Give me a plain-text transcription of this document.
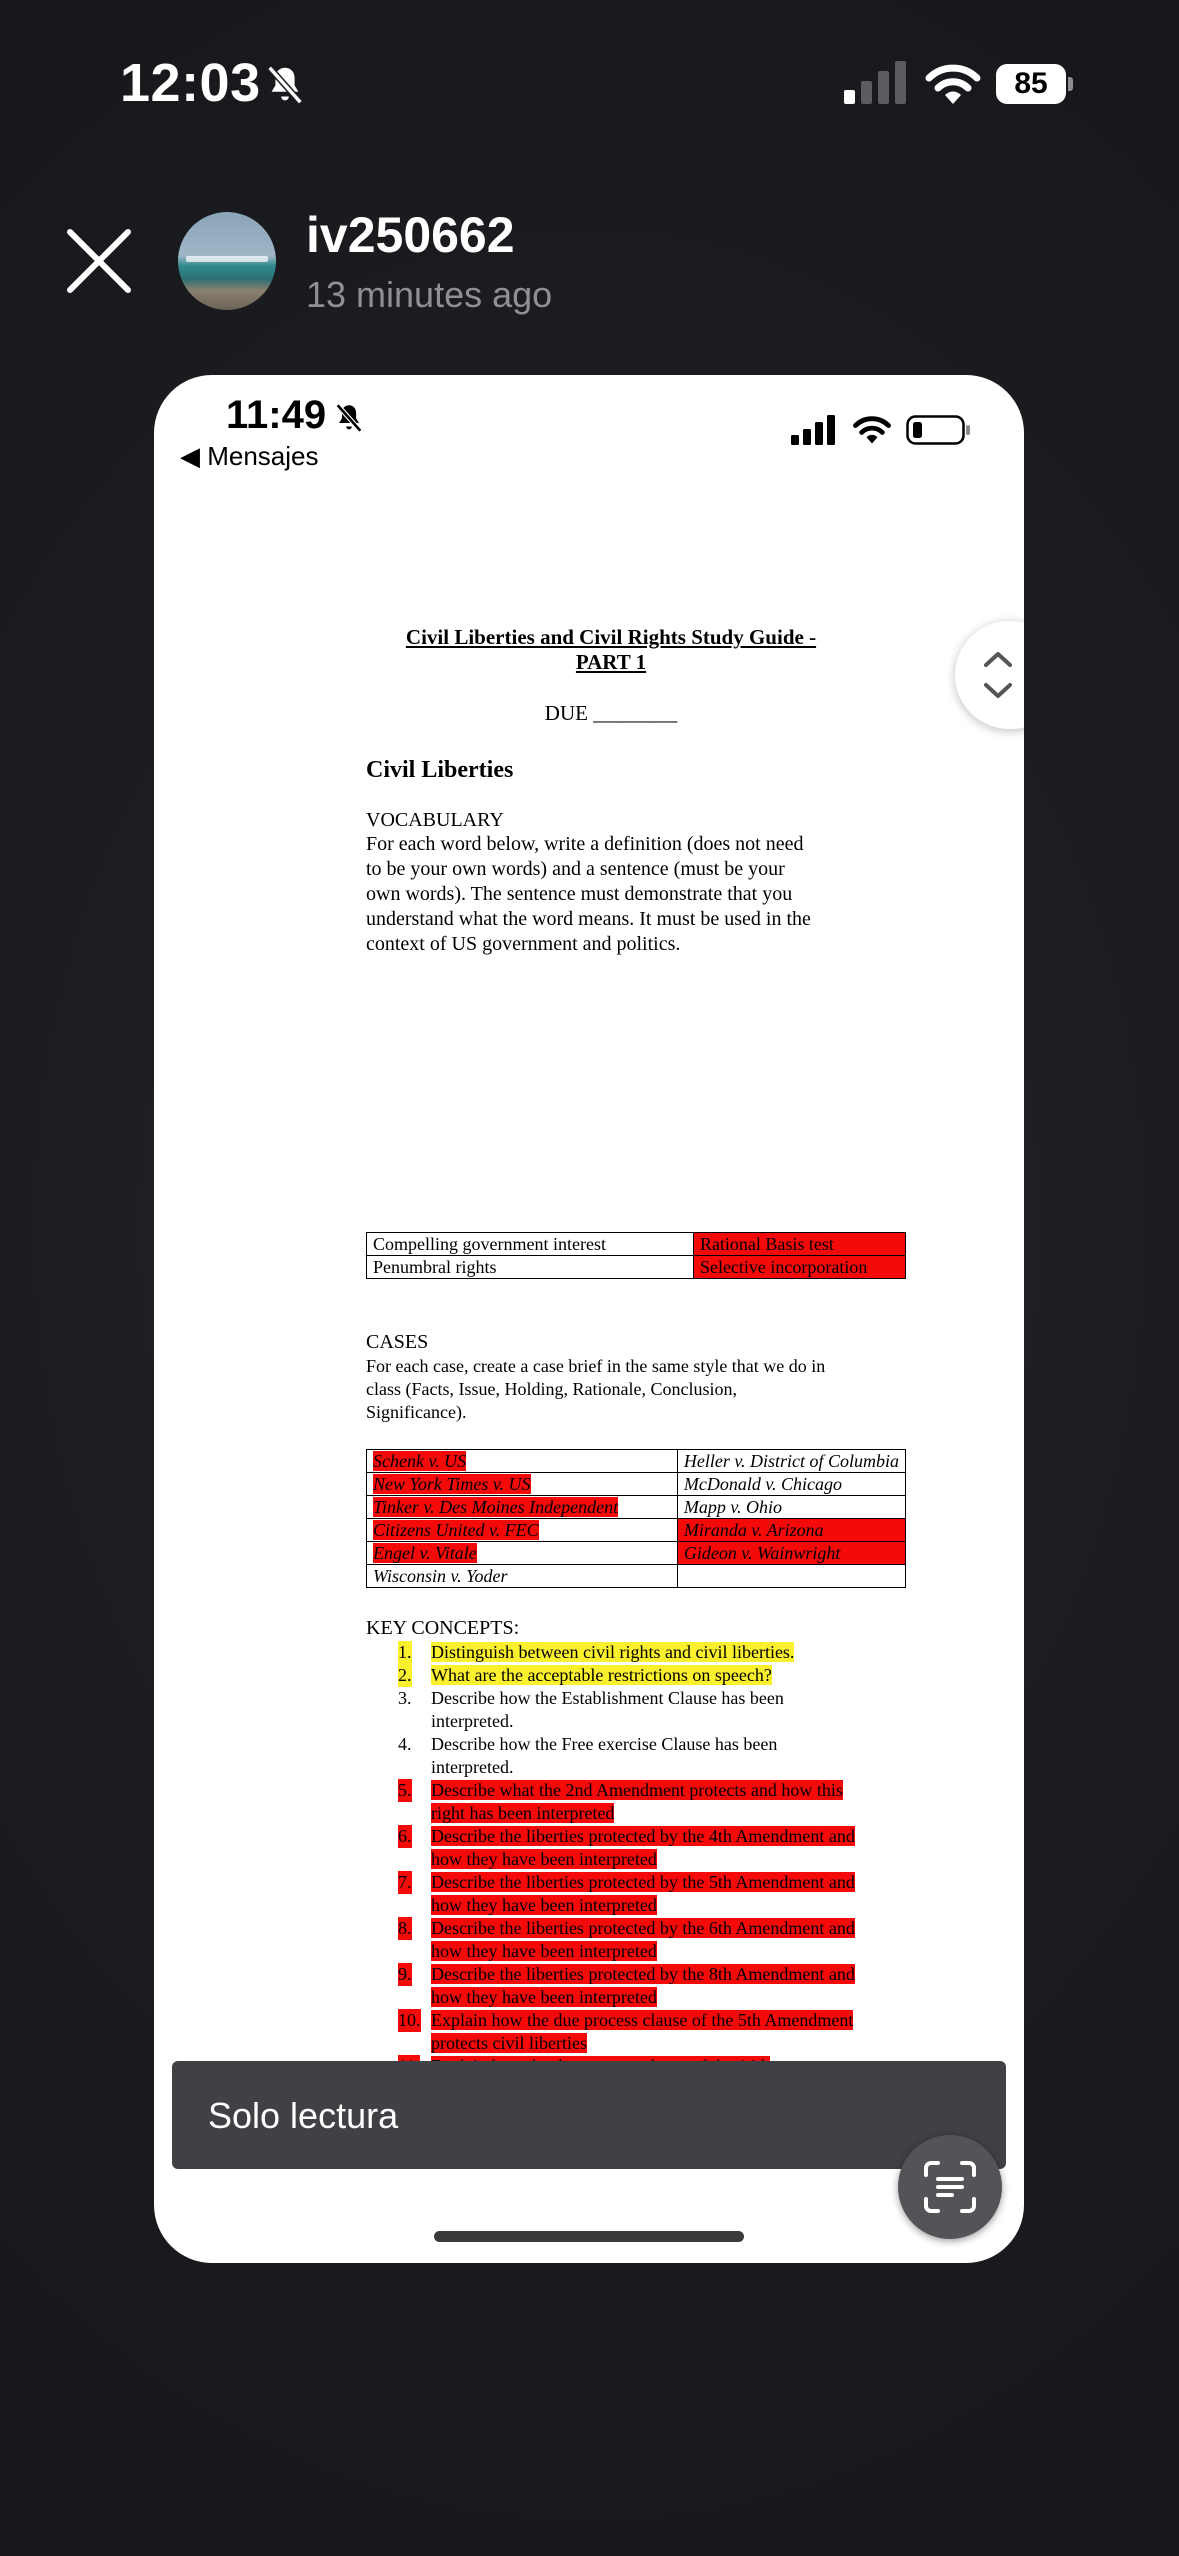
12:03	85
iv250662
13 minutes ago
11:49
◀ Mensajes
Civil Liberties and Civil Rights Study Guide -
PART 1
DUE ________
Civil Liberties
VOCABULARY
For each word below, write a definition (does not need to be your own words) and a sentence (must be your own words). The sentence must demonstrate that you understand what the word means. It must be used in the context of US government and politics.
Compelling government interest	Rational Basis test
Penumbral rights	Selective incorporation
CASES
For each case, create a case brief in the same style that we do in class (Facts, Issue, Holding, Rationale, Conclusion, Significance).
Schenk v. US	Heller v. District of Columbia
New York Times v. US	McDonald v. Chicago
Tinker v. Des Moines Independent	Mapp v. Ohio
Citizens United v. FEC	Miranda v. Arizona
Engel v. Vitale	Gideon v. Wainwright
Wisconsin v. Yoder	
KEY CONCEPTS:
1. Distinguish between civil rights and civil liberties.
2. What are the acceptable restrictions on speech?
3. Describe how the Establishment Clause has been interpreted.
4. Describe how the Free exercise Clause has been interpreted.
5. Describe what the 2nd Amendment protects and how this right has been interpreted
6. Describe the liberties protected by the 4th Amendment and how they have been interpreted
7. Describe the liberties protected by the 5th Amendment and how they have been interpreted
8. Describe the liberties protected by the 6th Amendment and how they have been interpreted
9. Describe the liberties protected by the 8th Amendment and how they have been interpreted
10. Explain how the due process clause of the 5th Amendment protects civil liberties
Solo lectura
